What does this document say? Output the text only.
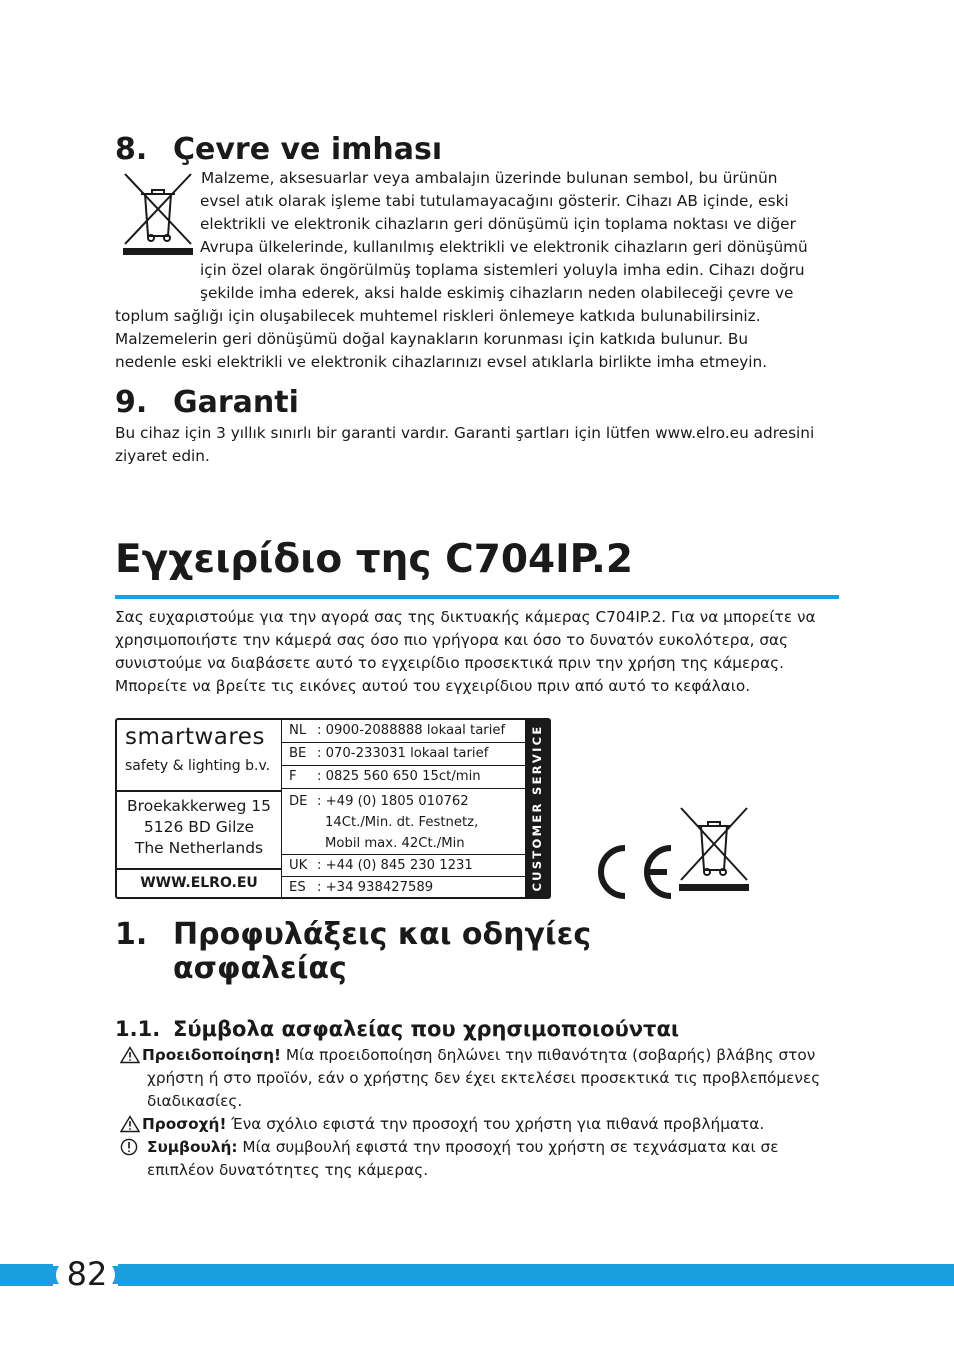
8. Çevre ve imhası
Malzeme, aksesuarlar veya ambalajın üzerinde bulunan sembol, bu ürünün
evsel atık olarak işleme tabi tutulamayacağını gösterir. Cihazı AB içinde, eski
elektrikli ve elektronik cihazların geri dönüşümü için toplama noktası ve diğer
Avrupa ülkelerinde, kullanılmış elektrikli ve elektronik cihazların geri dönüşümü
için özel olarak öngörülmüş toplama sistemleri yoluyla imha edin. Cihazı doğru
şekilde imha ederek, aksi halde eskimiş cihazların neden olabileceği çevre ve
toplum sağlığı için oluşabilecek muhtemel riskleri önlemeye katkıda bulunabilirsiniz.
Malzemelerin geri dönüşümü doğal kaynakların korunması için katkıda bulunur. Bu
nedenle eski elektrikli ve elektronik cihazlarınızı evsel atıklarla birlikte imha etmeyin.
9. Garanti
Bu cihaz için 3 yıllık sınırlı bir garanti vardır. Garanti şartları için lütfen www.elro.eu adresini
ziyaret edin.
Εγχειρίδιο της C704IP.2
Σας ευχαριστούμε για την αγορά σας της δικτυακής κάμερας C704IP.2. Για να μπορείτε να
χρησιμοποιήστε την κάμερά σας όσο πιο γρήγορα και όσο το δυνατόν ευκολότερα, σας
συνιστούμε να διαβάσετε αυτό το εγχειρίδιο προσεκτικά πριν την χρήση της κάμερας.
Μπορείτε να βρείτε τις εικόνες αυτού του εγχειρίδιου πριν από αυτό το κεφάλαιο.
smartwares
safety & lighting b.v.
Broekakkerweg 15
5126 BD Gilze
The Netherlands
WWW.ELRO.EU
NL : 0900-2088888 lokaal tarief
BE : 070-233031 lokaal tarief
F : 0825 560 650 15ct/min
DE : +49 (0) 1805 010762
14Ct./Min. dt. Festnetz,
Mobil max. 42Ct./Min
UK : +44 (0) 845 230 1231
ES : +34 938427589	CUSTOMER SERVICE
1. Προφυλάξεις και οδηγίες
ασφαλείας
1.1. Σύμβολα ασφαλείας που χρησιμοποιούνται
Προειδοποίηση! Μία προειδοποίηση δηλώνει την πιθανότητα (σοβαρής) βλάβης στον
χρήστη ή στο προϊόν, εάν ο χρήστης δεν έχει εκτελέσει προσεκτικά τις προβλεπόμενες
διαδικασίες.
Προσοχή! Ένα σχόλιο εφιστά την προσοχή του χρήστη για πιθανά προβλήματα.
Συμβουλή: Μία συμβουλή εφιστά την προσοχή του χρήστη σε τεχνάσματα και σε
επιπλέον δυνατότητες της κάμερας.
82
